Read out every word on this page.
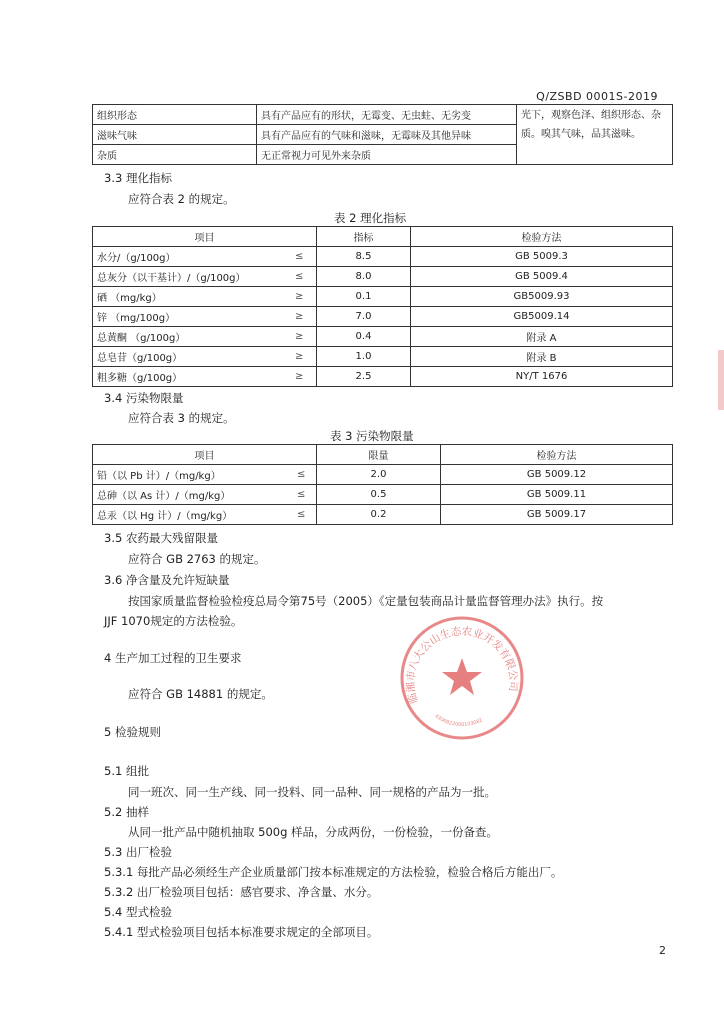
Q/ZSBD 0001S-2019
组织形态	具有产品应有的形状，无霉变、无虫蛀、无劣变	光下，观察色泽、组织形态、杂质。嗅其气味，品其滋味。
滋味气味	具有产品应有的气味和滋味，无霉味及其他异味	
杂质	无正常视力可见外来杂质	
3.3 理化指标
应符合表 2 的规定。
表 2 理化指标
项目		指标	检验方法
水分/（g/100g）	≤	8.5	GB 5009.3
总灰分（以干基计）/（g/100g）	≤	8.0	GB 5009.4
硒 （mg/kg）	≥	0.1	GB5009.93
锌 （mg/100g）	≥	7.0	GB5009.14
总黄酮 （g/100g）	≥	0.4	附录 A
总皂苷（g/100g）	≥	1.0	附录 B
粗多糖（g/100g）	≥	2.5	NY/T 1676
3.4 污染物限量
应符合表 3 的规定。
表 3 污染物限量
项目		限量	检验方法
铅（以 Pb 计）/（mg/kg）	≤	2.0	GB 5009.12
总砷（以 As 计）/（mg/kg）	≤	0.5	GB 5009.11
总汞（以 Hg 计）/（mg/kg）	≤	0.2	GB 5009.17
3.5 农药最大残留限量
应符合 GB 2763 的规定。
3.6 净含量及允许短缺量
按国家质量监督检验检疫总局令第75号（2005）《定量包装商品计量监督管理办法》执行。按
JJF 1070规定的方法检验。
4 生产加工过程的卫生要求
应符合 GB 14881 的规定。
5 检验规则
5.1 组批
同一班次、同一生产线、同一投料、同一品种、同一规格的产品为一批。
5.2 抽样
从同一批产品中随机抽取 500g 样品，分成两份，一份检验，一份备查。
5.3 出厂检验
5.3.1 每批产品必须经生产企业质量部门按本标准规定的方法检验，检验合格后方能出厂。
5.3.2 出厂检验项目包括：感官要求、净含量、水分。
5.4 型式检验
5.4.1 型式检验项目包括本标准要求规定的全部项目。
临湘市八大公山生态农业开发有限公司
4306822000103082
2
